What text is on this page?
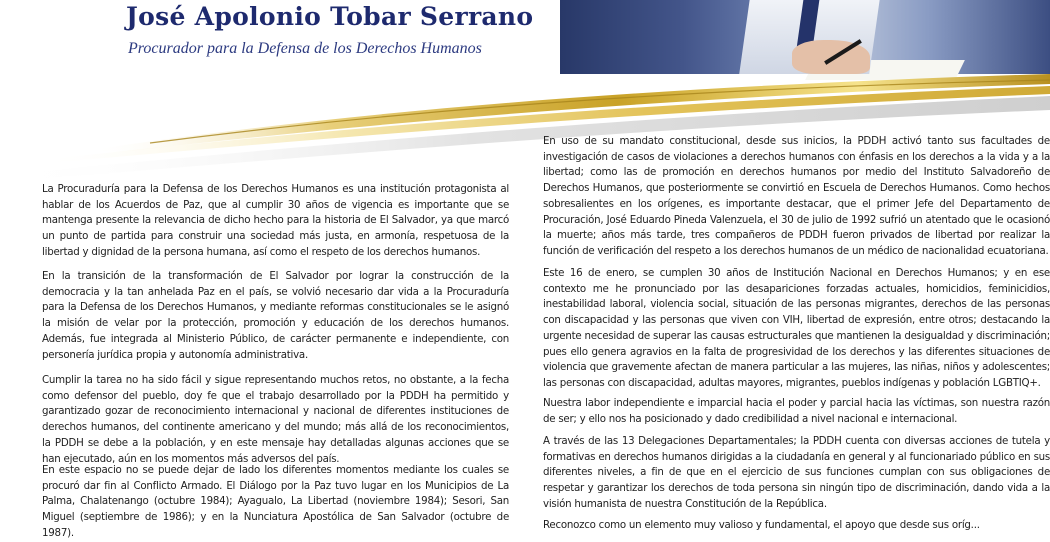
José Apolonio Tobar Serrano
Procurador para la Defensa de los Derechos Humanos

La Procuraduría para la Defensa de los Derechos Humanos es una institución protagonista al hablar de los Acuerdos de Paz, que al cumplir 30 años de vigencia es importante que se mantenga presente la relevancia de dicho hecho para la historia de El Salvador, ya que marcó un punto de partida para construir una sociedad más justa, en armonía, respetuosa de la libertad y dignidad de la persona humana, así como el respeto de los derechos humanos.

En la transición de la transformación de El Salvador por lograr la construcción de la democracia y la tan anhelada Paz en el país, se volvió necesario dar vida a la Procuraduría para la Defensa de los Derechos Humanos, y mediante reformas constitucionales se le asignó la misión de velar por la protección, promoción y educación de los derechos humanos. Además, fue integrada al Ministerio Público, de carácter permanente e independiente, con personería jurídica propia y autonomía administrativa.

Cumplir la tarea no ha sido fácil y sigue representando muchos retos, no obstante, a la fecha como defensor del pueblo, doy fe que el trabajo desarrollado por la PDDH ha permitido y garantizado gozar de reconocimiento internacional y nacional de diferentes instituciones de derechos humanos, del continente americano y del mundo; más allá de los reconocimientos, la PDDH se debe a la población, y en este mensaje hay detalladas algunas acciones que se han ejecutado, aún en los momentos más adversos del país.

En este espacio no se puede dejar de lado los diferentes momentos mediante los cuales se procuró dar fin al Conflicto Armado. El Diálogo por la Paz tuvo lugar en los Municipios de La Palma, Chalatenango (octubre 1984); Ayagualo, La Libertad (noviembre 1984); Sesori, San Miguel (septiembre de 1986); y en la Nunciatura Apostólica de San Salvador (octubre de 1987).

En uso de su mandato constitucional, desde sus inicios, la PDDH activó tanto sus facultades de investigación de casos de violaciones a derechos humanos con énfasis en los derechos a la vida y a la libertad; como las de promoción en derechos humanos por medio del Instituto Salvadoreño de Derechos Humanos, que posteriormente se convirtió en Escuela de Derechos Humanos. Como hechos sobresalientes en los orígenes, es importante destacar, que el primer Jefe del Departamento de Procuración, José Eduardo Pineda Valenzuela, el 30 de julio de 1992 sufrió un atentado que le ocasionó la muerte; años más tarde, tres compañeros de PDDH fueron privados de libertad por realizar la función de verificación del respeto a los derechos humanos de un médico de nacionalidad ecuatoriana.

Este 16 de enero, se cumplen 30 años de Institución Nacional en Derechos Humanos; y en ese contexto me he pronunciado por las desapariciones forzadas actuales, homicidios, feminicidios, inestabilidad laboral, violencia social, situación de las personas migrantes, derechos de las personas con discapacidad y las personas que viven con VIH, libertad de expresión, entre otros; destacando la urgente necesidad de superar las causas estructurales que mantienen la desigualdad y discriminación; pues ello genera agravios en la falta de progresividad de los derechos y las diferentes situaciones de violencia que gravemente afectan de manera particular a las mujeres, las niñas, niños y adolescentes; las personas con discapacidad, adultas mayores, migrantes, pueblos indígenas y población LGBTIQ+.

Nuestra labor independiente e imparcial hacia el poder y parcial hacia las víctimas, son nuestra razón de ser; y ello nos ha posicionado y dado credibilidad a nivel nacional e internacional.

A través de las 13 Delegaciones Departamentales; la PDDH cuenta con diversas acciones de tutela y formativas en derechos humanos dirigidas a la ciudadanía en general y al funcionariado público en sus diferentes niveles, a fin de que en el ejercicio de sus funciones cumplan con sus obligaciones de respetar y garantizar los derechos de toda persona sin ningún tipo de discriminación, dando vida a la visión humanista de nuestra Constitución de la República.

Reconozco como un elemento muy valioso y fundamental, el apoyo que desde sus oríg...
